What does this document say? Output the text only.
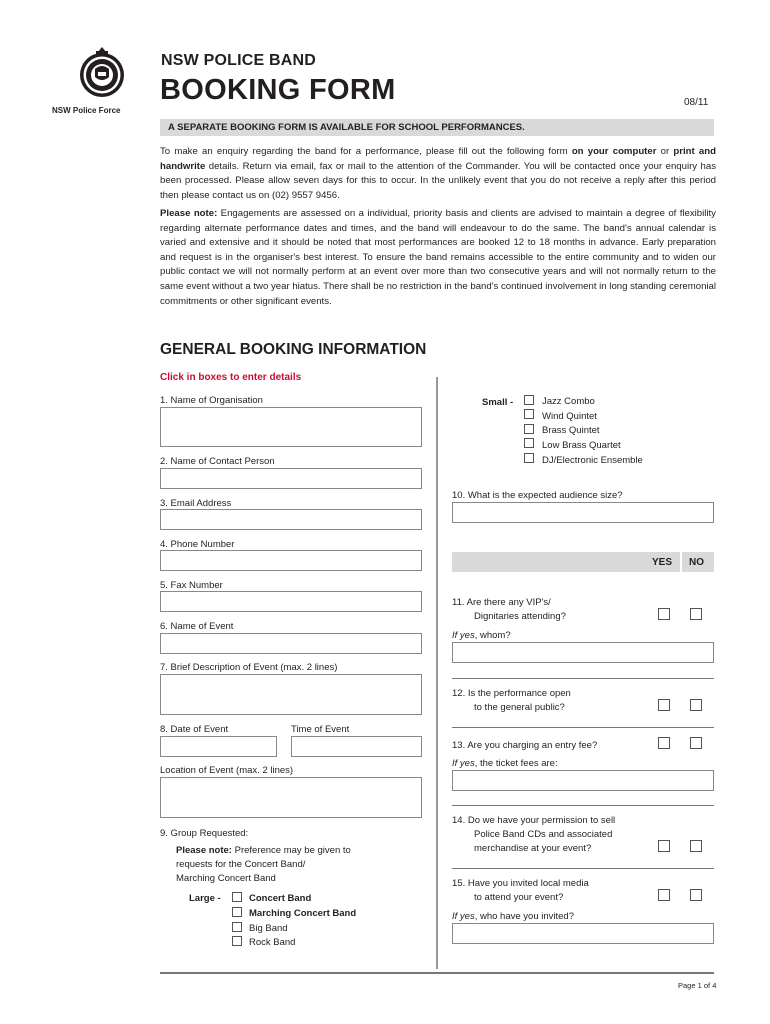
NSW Police Force
NSW POLICE BAND
BOOKING FORM	08/11
A SEPARATE BOOKING FORM IS AVAILABLE FOR SCHOOL PERFORMANCES.
To make an enquiry regarding the band for a performance, please fill out the following form on your computer or print and handwrite details. Return via email, fax or mail to the attention of the Commander. You will be contacted once your enquiry has been processed. Please allow seven days for this to occur. In the unlikely event that you do not receive a reply after this period then please contact us on (02) 9557 9456.
Please note: Engagements are assessed on a individual, priority basis and clients are advised to maintain a degree of flexibility regarding alternate performance dates and times, and the band will endeavour to do the same. The band's annual calendar is varied and extensive and it should be noted that most performances are booked 12 to 18 months in advance. Early preparation and request is in the organiser's best interest. To ensure the band remains accessible to the entire community and to widen our public contact we will not normally perform at an event over more than two consecutive years and will not normally return to the same event without a two year hiatus. There shall be no restriction in the band's continued involvement in long standing ceremonial commitments or other significant events.
GENERAL BOOKING INFORMATION
Click in boxes to enter details
1. Name of Organisation
2. Name of Contact Person
3. Email Address
4. Phone Number
5. Fax Number
6. Name of Event
7. Brief Description of Event (max. 2 lines)
8. Date of Event	Time of Event
Location of Event (max. 2 lines)
9. Group Requested:
Please note: Preference may be given to
requests for the Concert Band/
Marching Concert Band
Large -	Concert Band
Marching Concert Band
Big Band
Rock Band
Small -	Jazz Combo
Wind Quintet
Brass Quintet
Low Brass Quartet
DJ/Electronic Ensemble
10. What is the expected audience size?
YES NO
11. Are there any VIP's/
Dignitaries attending?
If yes, whom?
12. Is the performance open
to the general public?
13. Are you charging an entry fee?
If yes, the ticket fees are:
14. Do we have your permission to sell
Police Band CDs and associated
merchandise at your event?
15. Have you invited local media
to attend your event?
If yes, who have you invited?
Page 1 of 4
